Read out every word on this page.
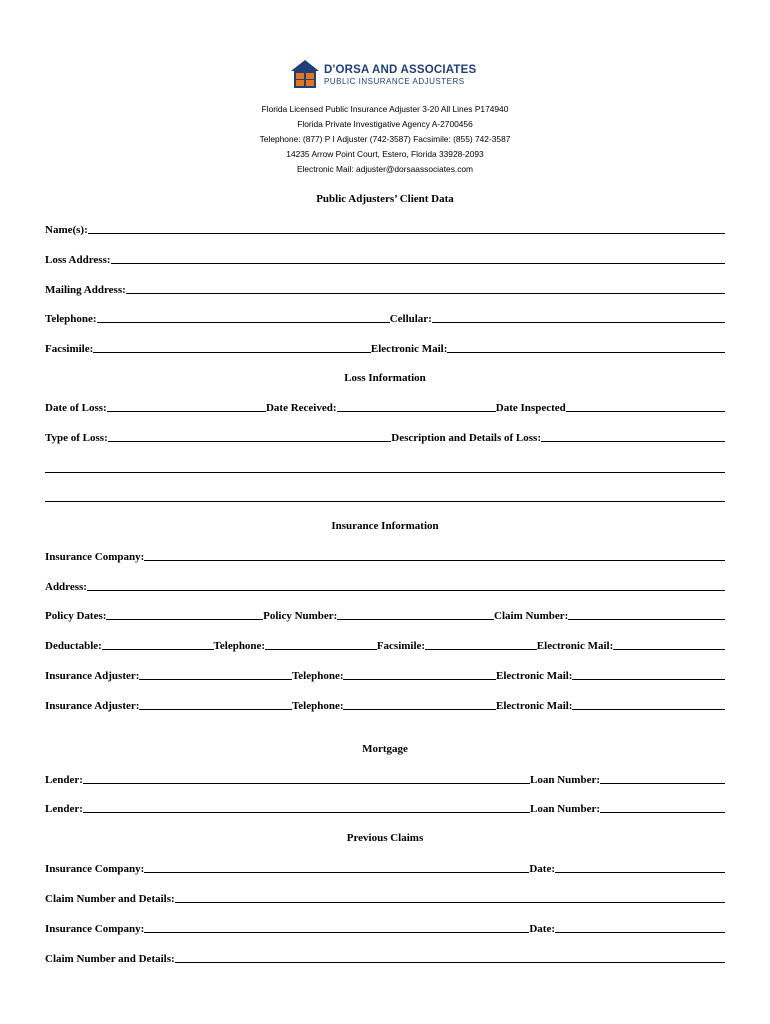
D'ORSA AND ASSOCIATES
PUBLIC INSURANCE ADJUSTERS
Florida Licensed Public Insurance Adjuster 3-20 All Lines P174940
Florida Private Investigative Agency A-2700456
Telephone: (877) P I Adjuster (742-3587) Facsimile: (855) 742-3587
14235 Arrow Point Court, Estero, Florida 33928-2093
Electronic Mail: adjuster@dorsaassociates.com
Public Adjusters’ Client Data
Name(s):
Loss Address:
Mailing Address:
Telephone:	Cellular:
Facsimile:	Electronic Mail:
Loss Information
Date of Loss:	Date Received:	Date Inspected
Type of Loss:	Description and Details of Loss:
Insurance Information
Insurance Company:
Address:
Policy Dates:	Policy Number:	Claim Number:
Deductable:	Telephone:	Facsimile:	Electronic Mail:
Insurance Adjuster:	Telephone:	Electronic Mail:
Insurance Adjuster:	Telephone:	Electronic Mail:
Mortgage
Lender:	Loan Number:
Lender:	Loan Number:
Previous Claims
Insurance Company:	Date:
Claim Number and Details:
Insurance Company:	Date:
Claim Number and Details:
